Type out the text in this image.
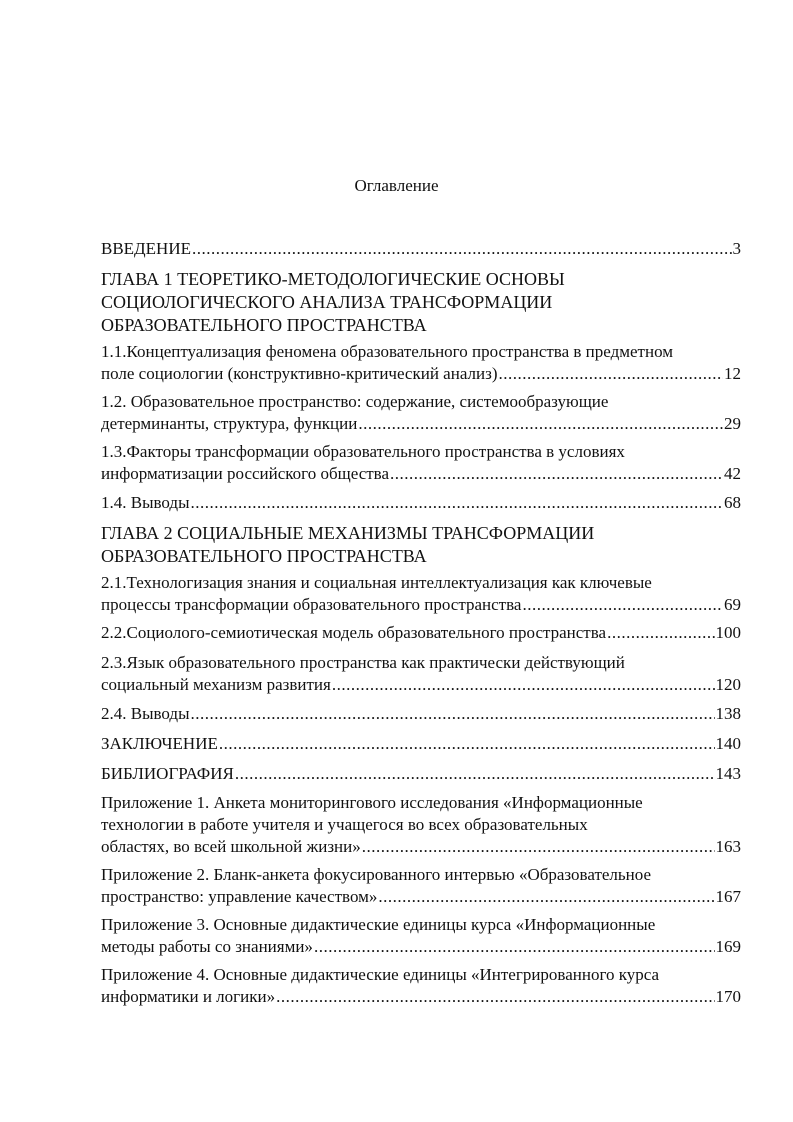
Оглавление
ВВЕДЕНИЕ .....	3
ГЛАВА 1 ТЕОРЕТИКО-МЕТОДОЛОГИЧЕСКИЕ ОСНОВЫ
СОЦИОЛОГИЧЕСКОГО АНАЛИЗА ТРАНСФОРМАЦИИ
ОБРАЗОВАТЕЛЬНОГО ПРОСТРАНСТВА
1.1.Концептуализация феномена образовательного пространства в предметном
поле социологии (конструктивно-критический анализ) .....	12
1.2. Образовательное пространство: содержание, системообразующие
детерминанты, структура, функции .....	29
1.3.Факторы трансформации образовательного пространства в условиях
информатизации российского общества .....	42
1.4. Выводы .....	68
ГЛАВА 2 СОЦИАЛЬНЫЕ МЕХАНИЗМЫ ТРАНСФОРМАЦИИ
ОБРАЗОВАТЕЛЬНОГО ПРОСТРАНСТВА
2.1.Технологизация знания и социальная интеллектуализация как ключевые
процессы трансформации образовательного пространства .....	69
2.2.Социолого-семиотическая модель образовательного пространства .....	100
2.3.Язык образовательного пространства как практически действующий
социальный механизм развития .....	120
2.4. Выводы .....	138
ЗАКЛЮЧЕНИЕ .....	140
БИБЛИОГРАФИЯ .....	143
Приложение 1. Анкета мониторингового исследования «Информационные
технологии в работе учителя и учащегося во всех образовательных
областях, во всей школьной жизни» .....	163
Приложение 2. Бланк-анкета фокусированного интервью «Образовательное
пространство: управление качеством» .....	167
Приложение 3. Основные дидактические единицы курса «Информационные
методы работы со знаниями» .....	169
Приложение 4. Основные дидактические единицы «Интегрированного курса
информатики и логики» .....	170
